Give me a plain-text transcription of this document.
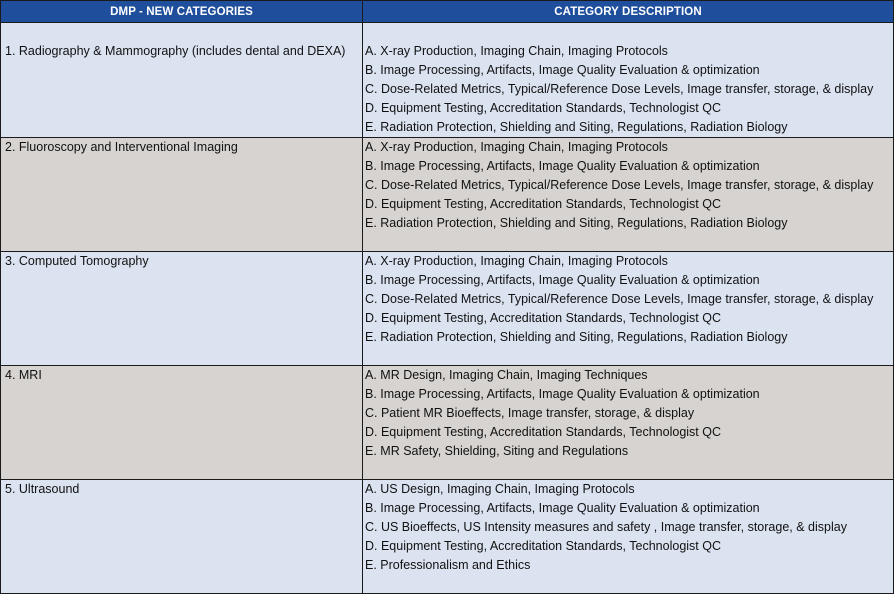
DMP - NEW CATEGORIES	CATEGORY DESCRIPTION

1. Radiography & Mammography (includes dental and DEXA)	A. X-ray Production, Imaging Chain, Imaging Protocols
B. Image Processing, Artifacts, Image Quality Evaluation & optimization
C. Dose-Related Metrics, Typical/Reference Dose Levels, Image transfer, storage, & display
D. Equipment Testing, Accreditation Standards, Technologist QC
E. Radiation Protection, Shielding and Siting, Regulations, Radiation Biology

2. Fluoroscopy and Interventional Imaging	A. X-ray Production, Imaging Chain, Imaging Protocols
B. Image Processing, Artifacts, Image Quality Evaluation & optimization
C. Dose-Related Metrics, Typical/Reference Dose Levels, Image transfer, storage, & display
D. Equipment Testing, Accreditation Standards, Technologist QC
E. Radiation Protection, Shielding and Siting, Regulations, Radiation Biology

3. Computed Tomography	A. X-ray Production, Imaging Chain, Imaging Protocols
B. Image Processing, Artifacts, Image Quality Evaluation & optimization
C. Dose-Related Metrics, Typical/Reference Dose Levels, Image transfer, storage, & display
D. Equipment Testing, Accreditation Standards, Technologist QC
E. Radiation Protection, Shielding and Siting, Regulations, Radiation Biology

4. MRI	A. MR Design, Imaging Chain, Imaging Techniques
B. Image Processing, Artifacts, Image Quality Evaluation & optimization
C. Patient MR Bioeffects, Image transfer, storage, & display
D. Equipment Testing, Accreditation Standards, Technologist QC
E. MR Safety, Shielding, Siting and Regulations

5. Ultrasound	A. US Design, Imaging Chain, Imaging Protocols
B. Image Processing, Artifacts, Image Quality Evaluation & optimization
C. US Bioeffects, US Intensity measures and safety , Image transfer, storage, & display
D. Equipment Testing, Accreditation Standards, Technologist QC
E. Professionalism and Ethics
